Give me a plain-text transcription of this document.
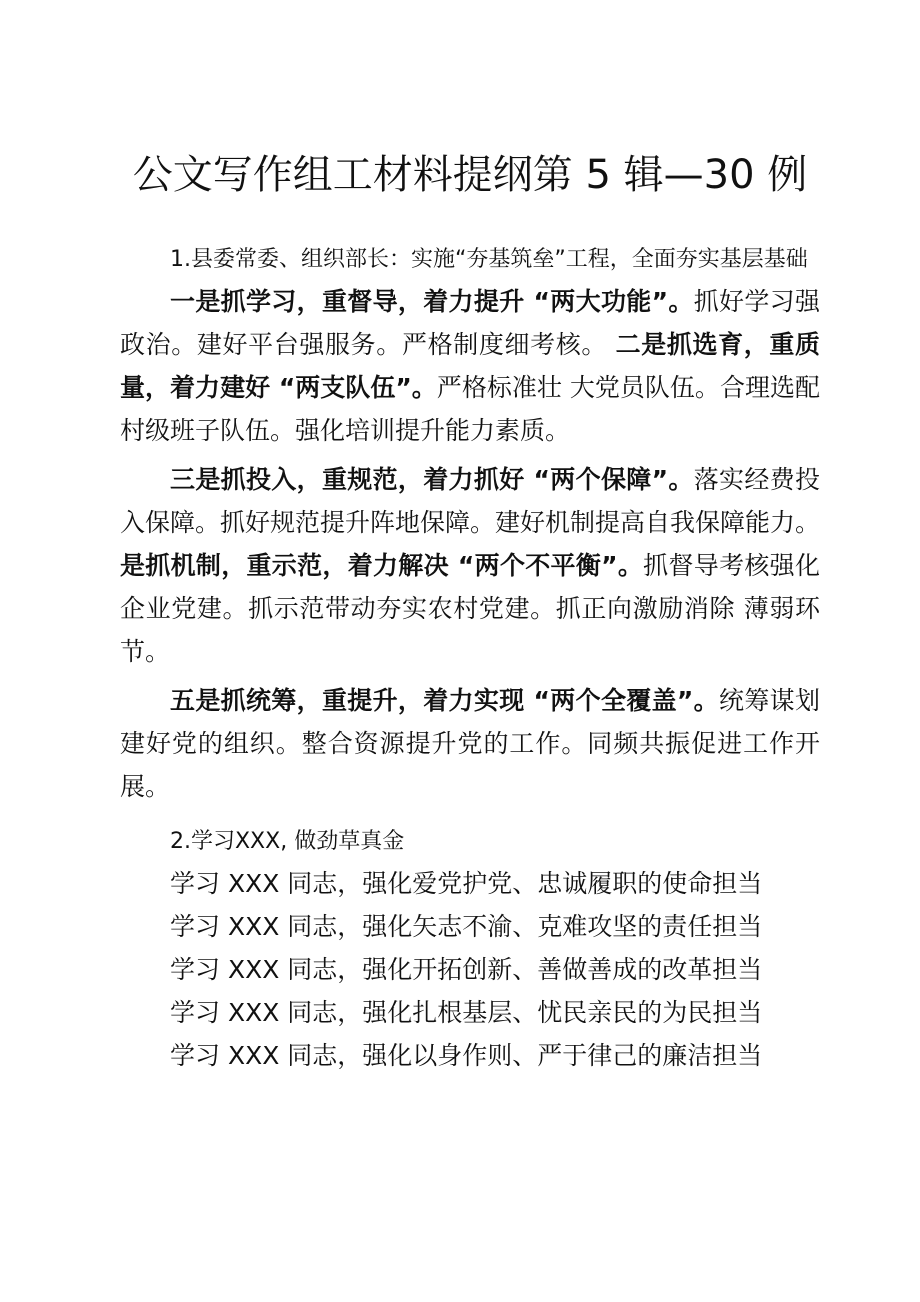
公文写作组工材料提纲第 5 辑—30 例

1.县委常委、组织部长：实施“夯基筑垒”工程，全面夯实基层基础

一是抓学习，重督导，着力提升 “两大功能”。抓好学习强政治。建好平台强服务。严格制度细考核。 二是抓选育，重质量，着力建好 “两支队伍”。严格标准壮 大党员队伍。合理选配村级班子队伍。强化培训提升能力素质。

三是抓投入，重规范，着力抓好 “两个保障”。落实经费投入保障。抓好规范提升阵地保障。建好机制提高自我保障能力。 是抓机制，重示范，着力解决 “两个不平衡”。抓督导考核强化企业党建。抓示范带动夯实农村党建。抓正向激励消除 薄弱环节。

五是抓统筹，重提升，着力实现 “两个全覆盖”。统筹谋划建好党的组织。整合资源提升党的工作。同频共振促进工作开 展。

2.学习XXX, 做劲草真金

学习 XXX 同志，强化爱党护党、忠诚履职的使命担当

学习 XXX 同志，强化矢志不渝、克难攻坚的责任担当

学习 XXX 同志，强化开拓创新、善做善成的改革担当

学习 XXX 同志，强化扎根基层、忧民亲民的为民担当

学习 XXX 同志，强化以身作则、严于律己的廉洁担当
